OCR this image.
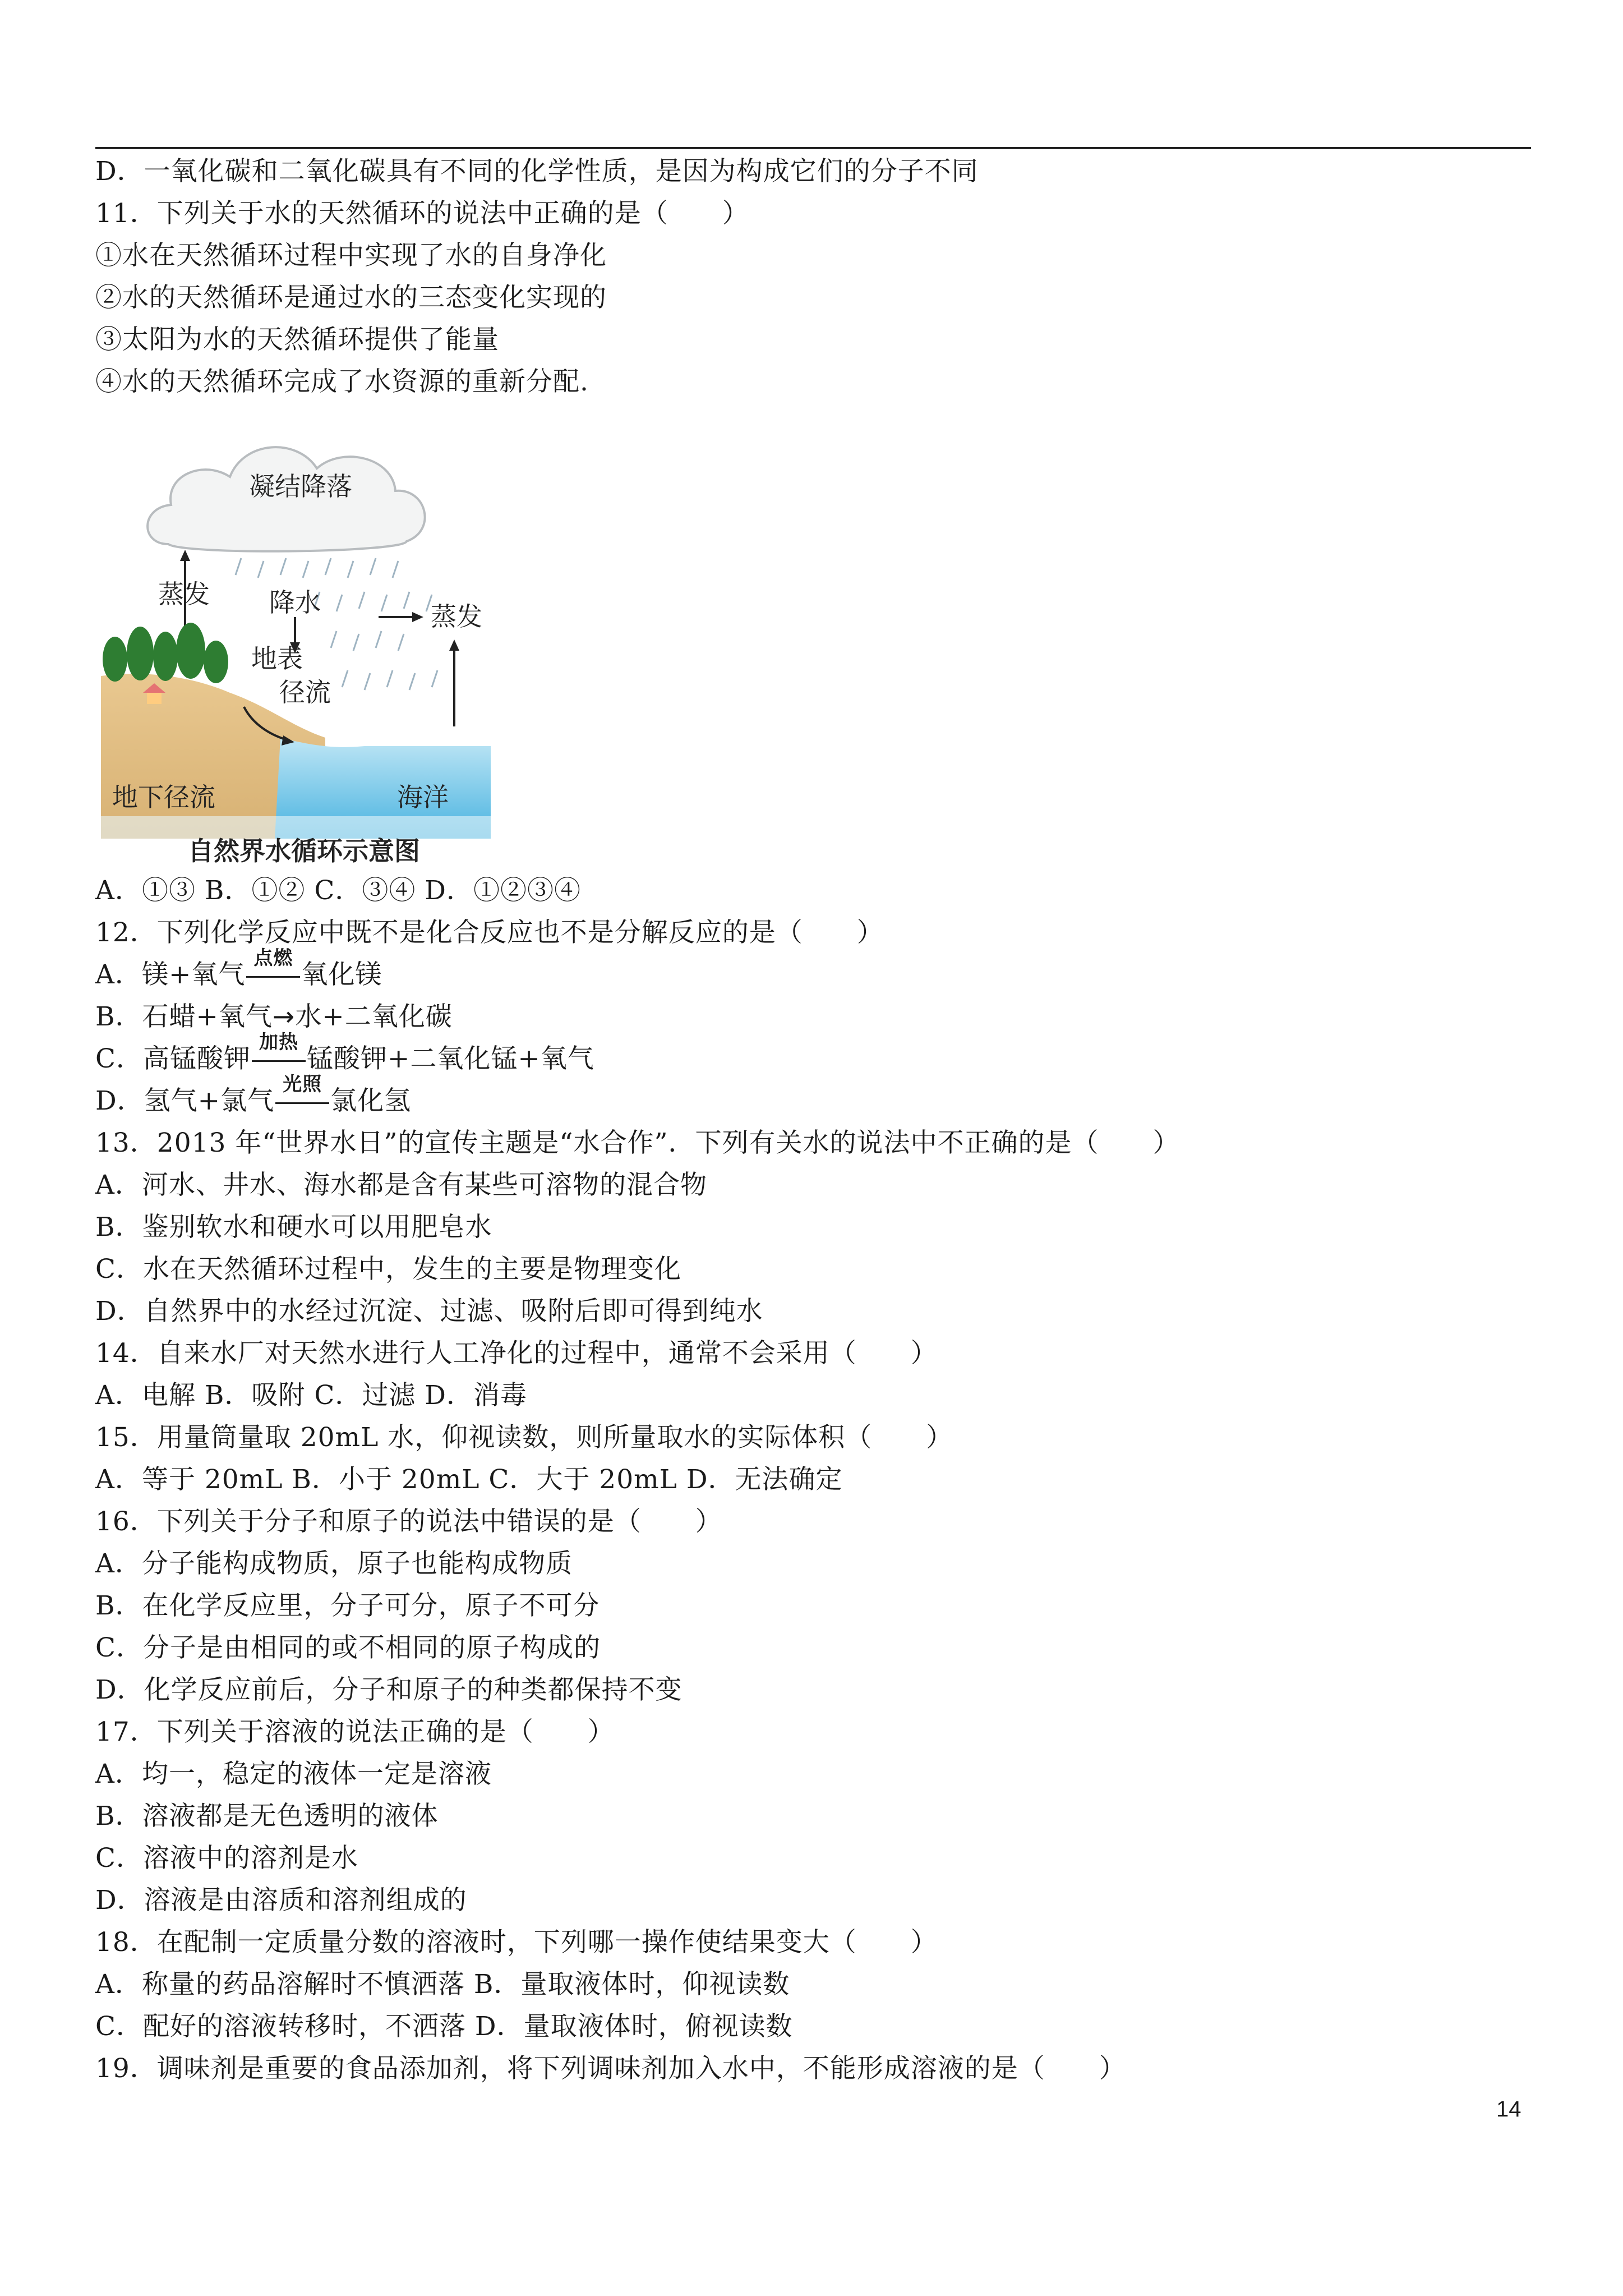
D．一氧化碳和二氧化碳具有不同的化学性质，是因为构成它们的分子不同
11．下列关于水的天然循环的说法中正确的是（　　）
①水在天然循环过程中实现了水的自身净化
②水的天然循环是通过水的三态变化实现的
③太阳为水的天然循环提供了能量
④水的天然循环完成了水资源的重新分配.
凝结降落
蒸发 降水	蒸发
地表
径流
地下径流	海洋
自然界水循环示意图
A．①③ B．①② C．③④ D．①②③④
12．下列化学反应中既不是化合反应也不是分解反应的是（　　）
A．镁+氧气
点燃
氧化镁
B．石蜡+氧气→水+二氧化碳
C．高锰酸钾
加热
锰酸钾+二氧化锰+氧气
D．氢气+氯气
光照
氯化氢
13．2013 年“世界水日”的宣传主题是“水合作”．下列有关水的说法中不正确的是（　　）
A．河水、井水、海水都是含有某些可溶物的混合物
B．鉴别软水和硬水可以用肥皂水
C．水在天然循环过程中，发生的主要是物理变化
D．自然界中的水经过沉淀、过滤、吸附后即可得到纯水
14．自来水厂对天然水进行人工净化的过程中，通常不会采用（　　）
A．电解 B．吸附 C．过滤 D．消毒
15．用量筒量取 20mL 水，仰视读数，则所量取水的实际体积（　　）
A．等于 20mL B．小于 20mL C．大于 20mL D．无法确定
16．下列关于分子和原子的说法中错误的是（　　）
A．分子能构成物质，原子也能构成物质
B．在化学反应里，分子可分，原子不可分
C．分子是由相同的或不相同的原子构成的
D．化学反应前后，分子和原子的种类都保持不变
17．下列关于溶液的说法正确的是（　　）
A．均一，稳定的液体一定是溶液
B．溶液都是无色透明的液体
C．溶液中的溶剂是水
D．溶液是由溶质和溶剂组成的
18．在配制一定质量分数的溶液时，下列哪一操作使结果变大（　　）
A．称量的药品溶解时不慎洒落 B．量取液体时，仰视读数
C．配好的溶液转移时，不洒落 D．量取液体时，俯视读数
19．调味剂是重要的食品添加剂，将下列调味剂加入水中，不能形成溶液的是（　　）
14
